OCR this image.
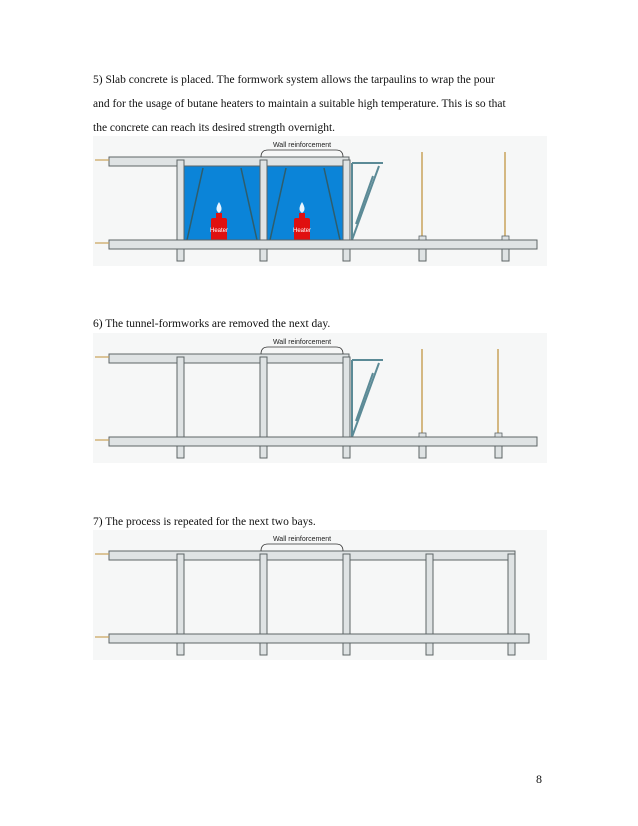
5) Slab concrete is placed. The formwork system allows the tarpaulins to wrap the pour
and for the usage of butane heaters to maintain a suitable high temperature. This is so that
the concrete can reach its desired strength overnight.
Heater	Heater
Wall reinforcement
6) The tunnel-formworks are removed the next day.
Wall reinforcement
7) The process is repeated for the next two bays.
Wall reinforcement
8
